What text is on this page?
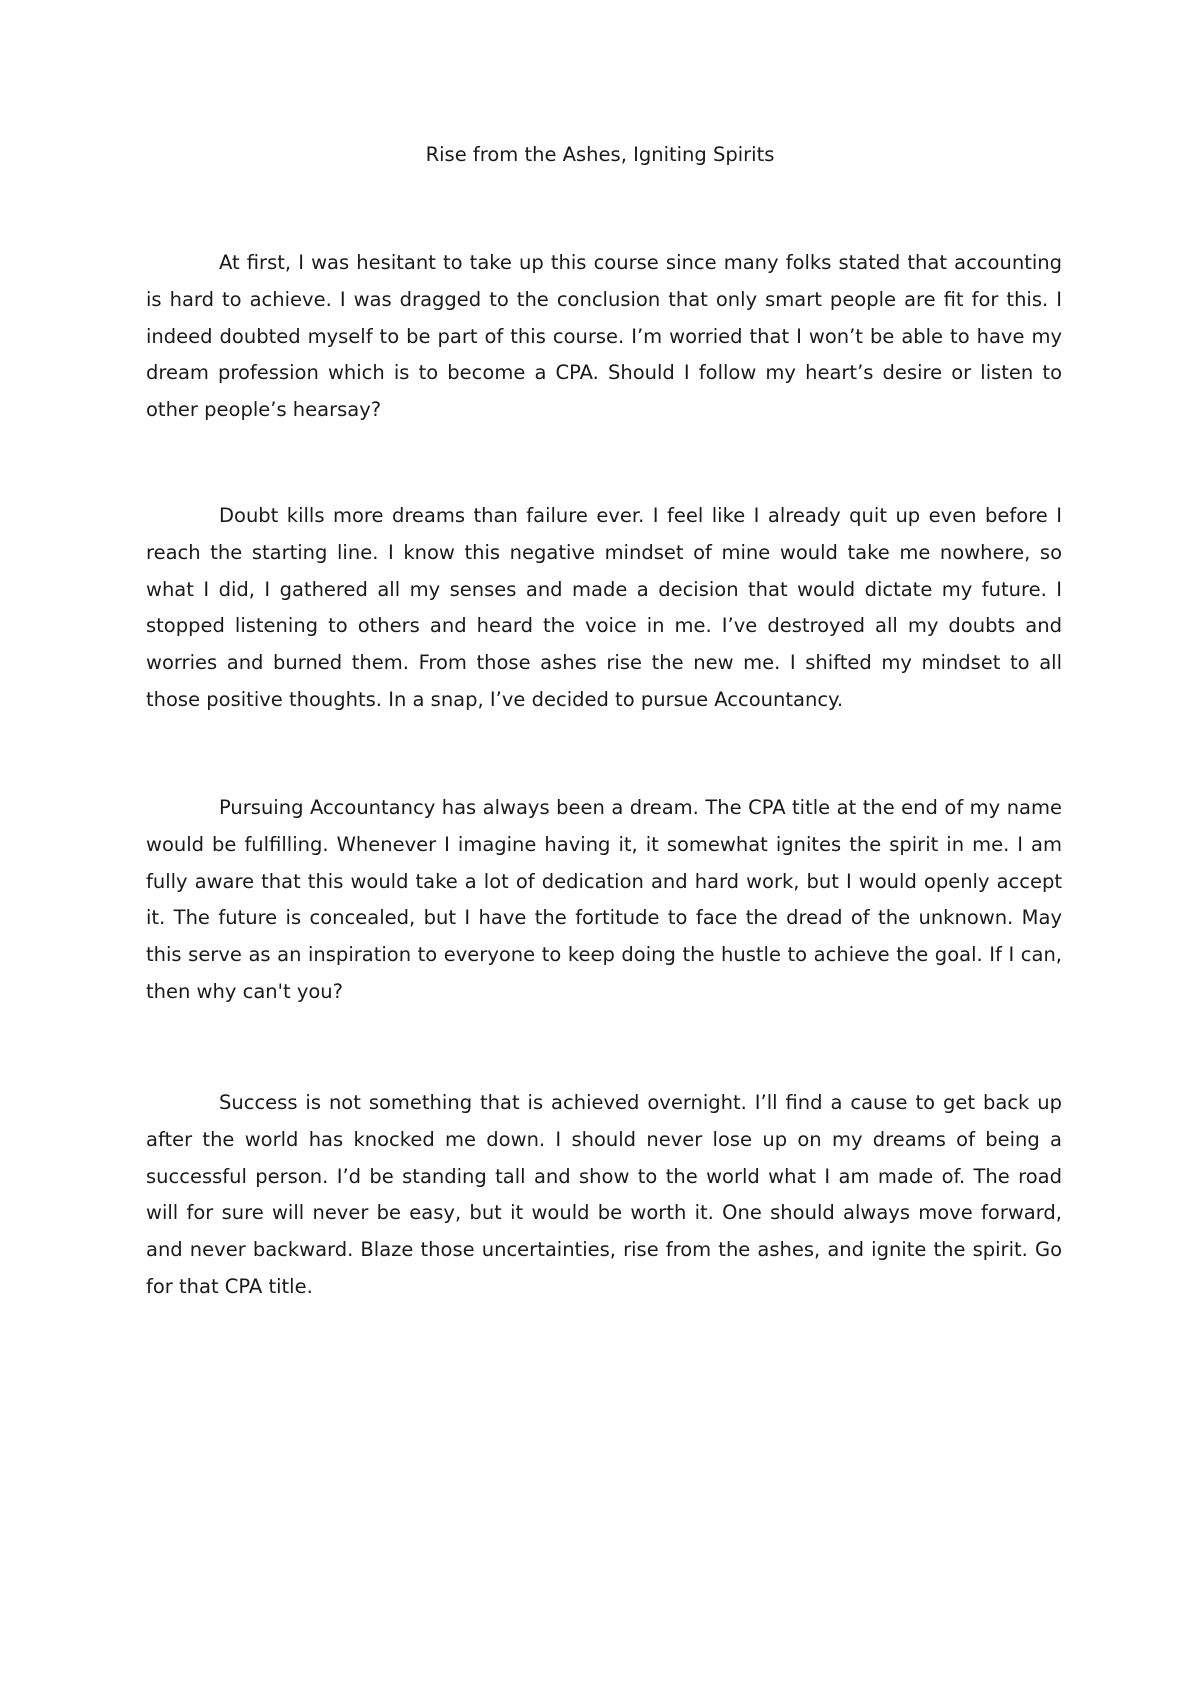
Rise from the Ashes, Igniting Spirits

At first, I was hesitant to take up this course since many folks stated that accounting is hard to achieve. I was dragged to the conclusion that only smart people are fit for this. I indeed doubted myself to be part of this course. I’m worried that I won’t be able to have my dream profession which is to become a CPA. Should I follow my heart’s desire or listen to other people’s hearsay?

Doubt kills more dreams than failure ever. I feel like I already quit up even before I reach the starting line. I know this negative mindset of mine would take me nowhere, so what I did, I gathered all my senses and made a decision that would dictate my future. I stopped listening to others and heard the voice in me. I’ve destroyed all my doubts and worries and burned them. From those ashes rise the new me. I shifted my mindset to all those positive thoughts. In a snap, I’ve decided to pursue Accountancy.

Pursuing Accountancy has always been a dream. The CPA title at the end of my name would be fulfilling. Whenever I imagine having it, it somewhat ignites the spirit in me. I am fully aware that this would take a lot of dedication and hard work, but I would openly accept it. The future is concealed, but I have the fortitude to face the dread of the unknown. May this serve as an inspiration to everyone to keep doing the hustle to achieve the goal. If I can, then why can't you?

Success is not something that is achieved overnight. I’ll find a cause to get back up after the world has knocked me down. I should never lose up on my dreams of being a successful person. I’d be standing tall and show to the world what I am made of. The road will for sure will never be easy, but it would be worth it. One should always move forward, and never backward. Blaze those uncertainties, rise from the ashes, and ignite the spirit. Go for that CPA title.
